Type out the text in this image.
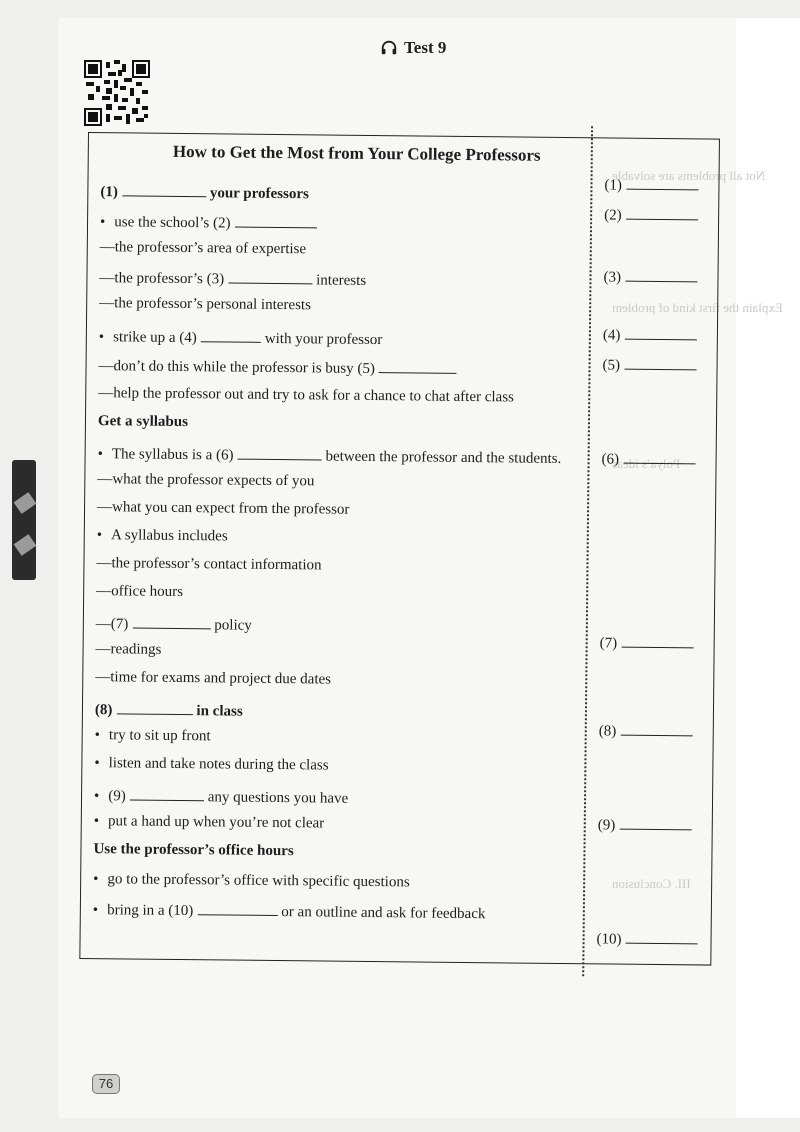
Test 9
Not all problems are solvable
Explain the first kind of problem
Polya’s ideas
III. Conclusion
How to Get the Most from Your College Professors
(1)	your professors
• use the school’s (2)
—the professor’s area of expertise
—the professor’s (3)	interests
—the professor’s personal interests
• strike up a (4)	with your professor
—don’t do this while the professor is busy (5)
—help the professor out and try to ask for a chance to chat after class
Get a syllabus
• The syllabus is a (6)	between the professor and the students.
—what the professor expects of you
—what you can expect from the professor
• A syllabus includes
—the professor’s contact information
—office hours
—(7)	policy
—readings
—time for exams and project due dates
(8)	in class
• try to sit up front
• listen and take notes during the class
• (9)	any questions you have
• put a hand up when you’re not clear
Use the professor’s office hours
• go to the professor’s office with specific questions
• bring in a (10)	or an outline and ask for feedback
(1)
(2)
(3)
(4)
(5)
(6)
(7)
(8)
(9)
(10)
76
